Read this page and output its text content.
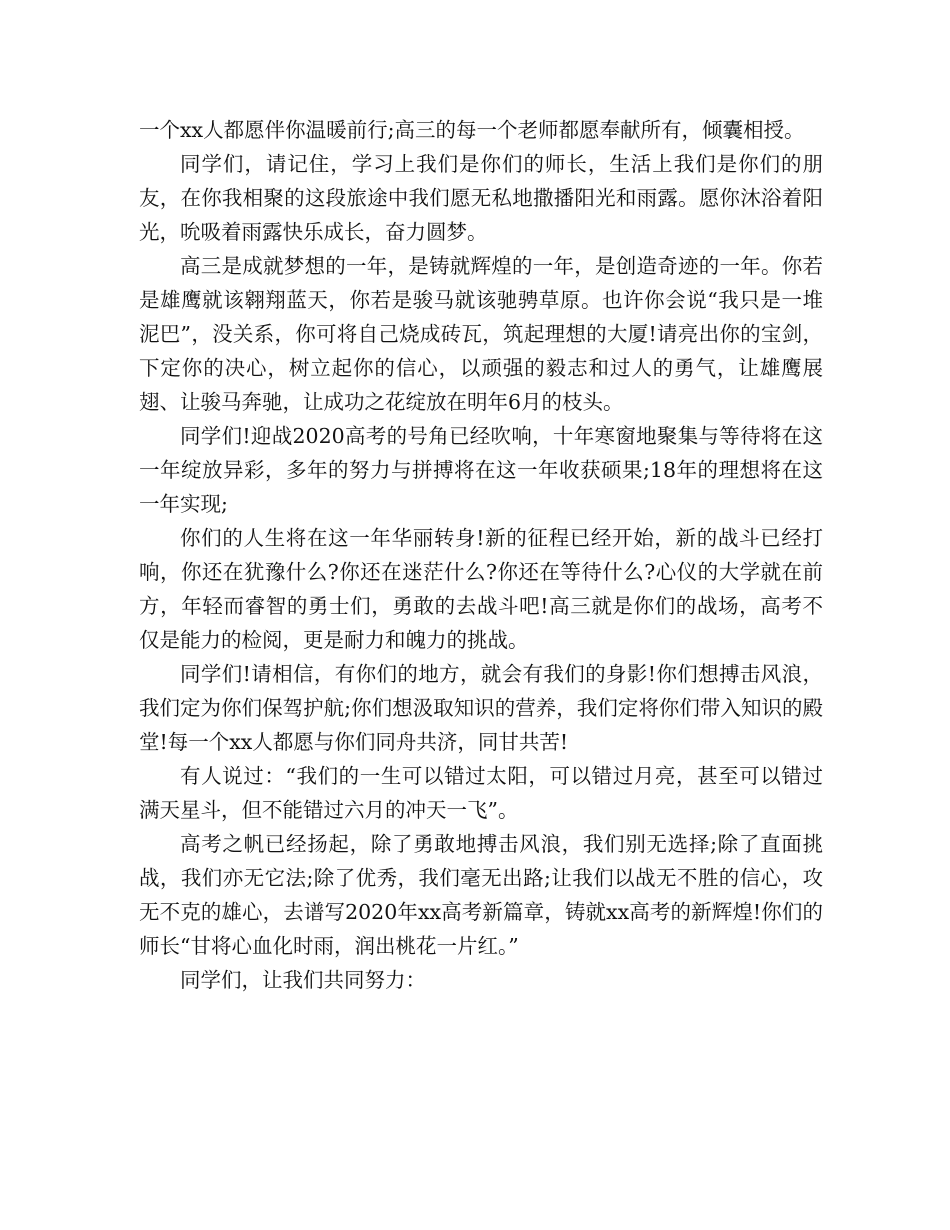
一个xx人都愿伴你温暖前行;高三的每一个老师都愿奉献所有，倾囊相授。

同学们，请记住，学习上我们是你们的师长，生活上我们是你们的朋友，在你我相聚的这段旅途中我们愿无私地撒播阳光和雨露。愿你沐浴着阳光，吮吸着雨露快乐成长，奋力圆梦。

高三是成就梦想的一年，是铸就辉煌的一年，是创造奇迹的一年。你若是雄鹰就该翱翔蓝天，你若是骏马就该驰骋草原。也许你会说“我只是一堆泥巴”，没关系，你可将自己烧成砖瓦，筑起理想的大厦!请亮出你的宝剑，下定你的决心，树立起你的信心，以顽强的毅志和过人的勇气，让雄鹰展翅、让骏马奔驰，让成功之花绽放在明年6月的枝头。

同学们!迎战2020高考的号角已经吹响，十年寒窗地聚集与等待将在这一年绽放异彩，多年的努力与拼搏将在这一年收获硕果;18年的理想将在这一年实现;

你们的人生将在这一年华丽转身!新的征程已经开始，新的战斗已经打响，你还在犹豫什么?你还在迷茫什么?你还在等待什么?心仪的大学就在前方，年轻而睿智的勇士们，勇敢的去战斗吧!高三就是你们的战场，高考不仅是能力的检阅，更是耐力和魄力的挑战。

同学们!请相信，有你们的地方，就会有我们的身影!你们想搏击风浪，我们定为你们保驾护航;你们想汲取知识的营养，我们定将你们带入知识的殿堂!每一个xx人都愿与你们同舟共济，同甘共苦!

有人说过：“我们的一生可以错过太阳，可以错过月亮，甚至可以错过满天星斗，但不能错过六月的冲天一飞”。

高考之帆已经扬起，除了勇敢地搏击风浪，我们别无选择;除了直面挑战，我们亦无它法;除了优秀，我们毫无出路;让我们以战无不胜的信心，攻无不克的雄心，去谱写2020年xx高考新篇章，铸就xx高考的新辉煌!你们的师长“甘将心血化时雨，润出桃花一片红。”

同学们，让我们共同努力：
